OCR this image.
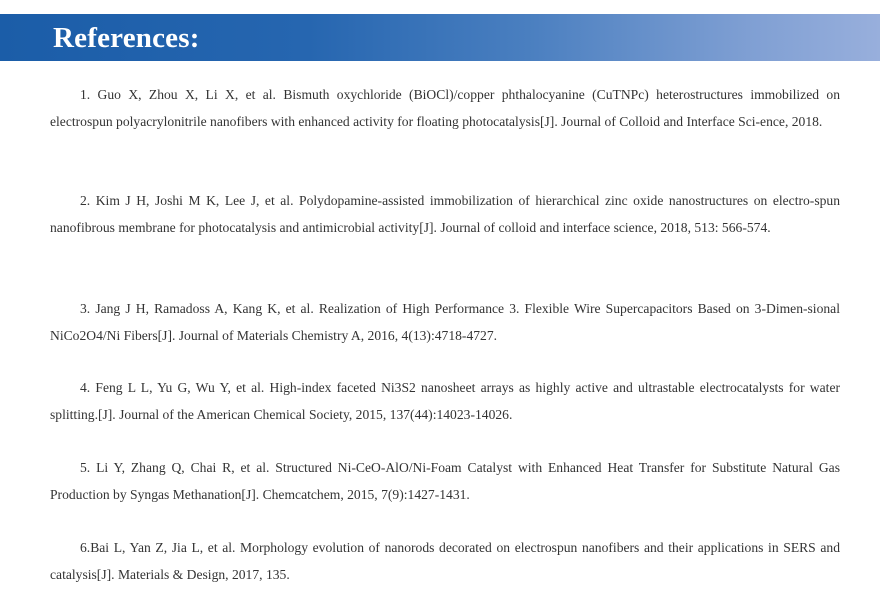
References:

1. Guo X, Zhou X, Li X, et al. Bismuth oxychloride (BiOCl)/copper phthalocyanine (CuTNPc) heterostructures immobilized on electrospun polyacrylonitrile nanofibers with enhanced activity for floating photocatalysis[J]. Journal of Colloid and Interface Sci-ence, 2018.

2. Kim J H, Joshi M K, Lee J, et al. Polydopamine-assisted immobilization of hierarchical zinc oxide nanostructures on electro-spun nanofibrous membrane for photocatalysis and antimicrobial activity[J]. Journal of colloid and interface science, 2018, 513: 566-574.

3. Jang J H, Ramadoss A, Kang K, et al. Realization of High Performance 3. Flexible Wire Supercapacitors Based on 3-Dimen-sional NiCo2O4/Ni Fibers[J]. Journal of Materials Chemistry A, 2016, 4(13):4718-4727.

4. Feng L L, Yu G, Wu Y, et al. High-index faceted Ni3S2 nanosheet arrays as highly active and ultrastable electrocatalysts for water splitting.[J]. Journal of the American Chemical Society, 2015, 137(44):14023-14026.

5. Li Y, Zhang Q, Chai R, et al. Structured Ni-CeO-AlO/Ni-Foam Catalyst with Enhanced Heat Transfer for Substitute Natural Gas Production by Syngas Methanation[J]. Chemcatchem, 2015, 7(9):1427-1431.

6.Bai L, Yan Z, Jia L, et al. Morphology evolution of nanorods decorated on electrospun nanofibers and their applications in SERS and catalysis[J]. Materials & Design, 2017, 135.
